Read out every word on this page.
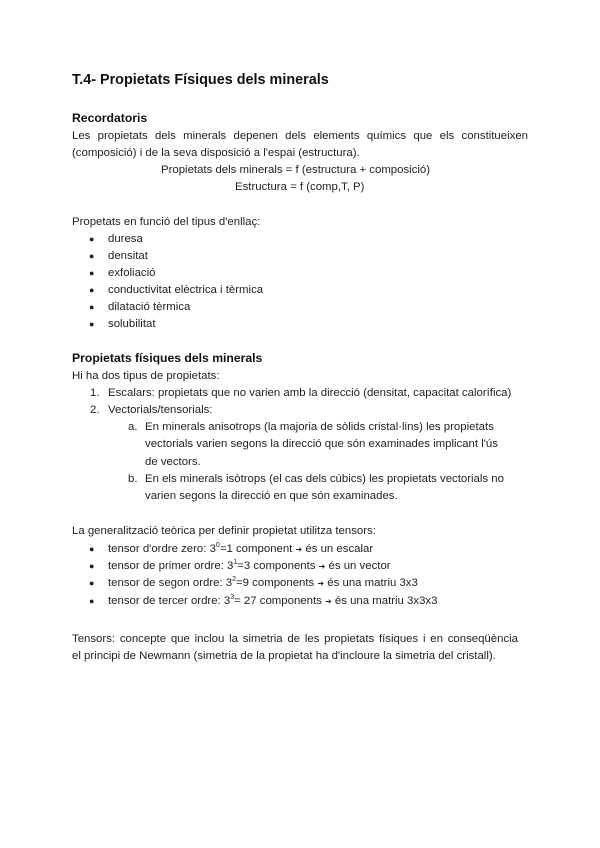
T.4- Propietats Físiques dels minerals
Recordatoris
Les propietats dels minerals depenen dels elements químics que els constitueixen
(composició) i de la seva disposició a l'espai (estructura).
Propietats dels minerals = f (estructura + composició)
Estructura = f (comp,T, P)
Propetats en funció del tipus d'enllaç:
● duresa
● densitat
● exfoliació
● conductivitat elèctrica i tèrmica
● dilatació tèrmica
● solubilitat
Propietats físiques dels minerals
Hi ha dos tipus de propietats:
1. Escalars: propietats que no varien amb la direcció (densitat, capacitat calorífica)
2. Vectorials/tensorials:
a. En minerals anisotrops (la majoria de sòlids cristal·lins) les propietats
vectorials varien segons la direcció que són examinades implicant l'ús
de vectors.
b. En els minerals isòtrops (el cas dels cúbics) les propietats vectorials no
varien segons la direcció en que són examinades.
La generalització teòrica per definir propietat utilitza tensors:
● tensor d'ordre zero: $3^0=1$ component ➔ és un escalar
● tensor de primer ordre: $3^1=3$ components ➔ és un vector
● tensor de segon ordre: $3^2=9$ components ➔ és una matriu 3x3
● tensor de tercer ordre: $3^3= 27$ components ➔ és una matriu 3x3x3
Tensors: concepte que inclou la simetria de les propietats físiques i en conseqüència
el principi de Newmann (simetria de la propietat ha d'incloure la simetria del cristall).
